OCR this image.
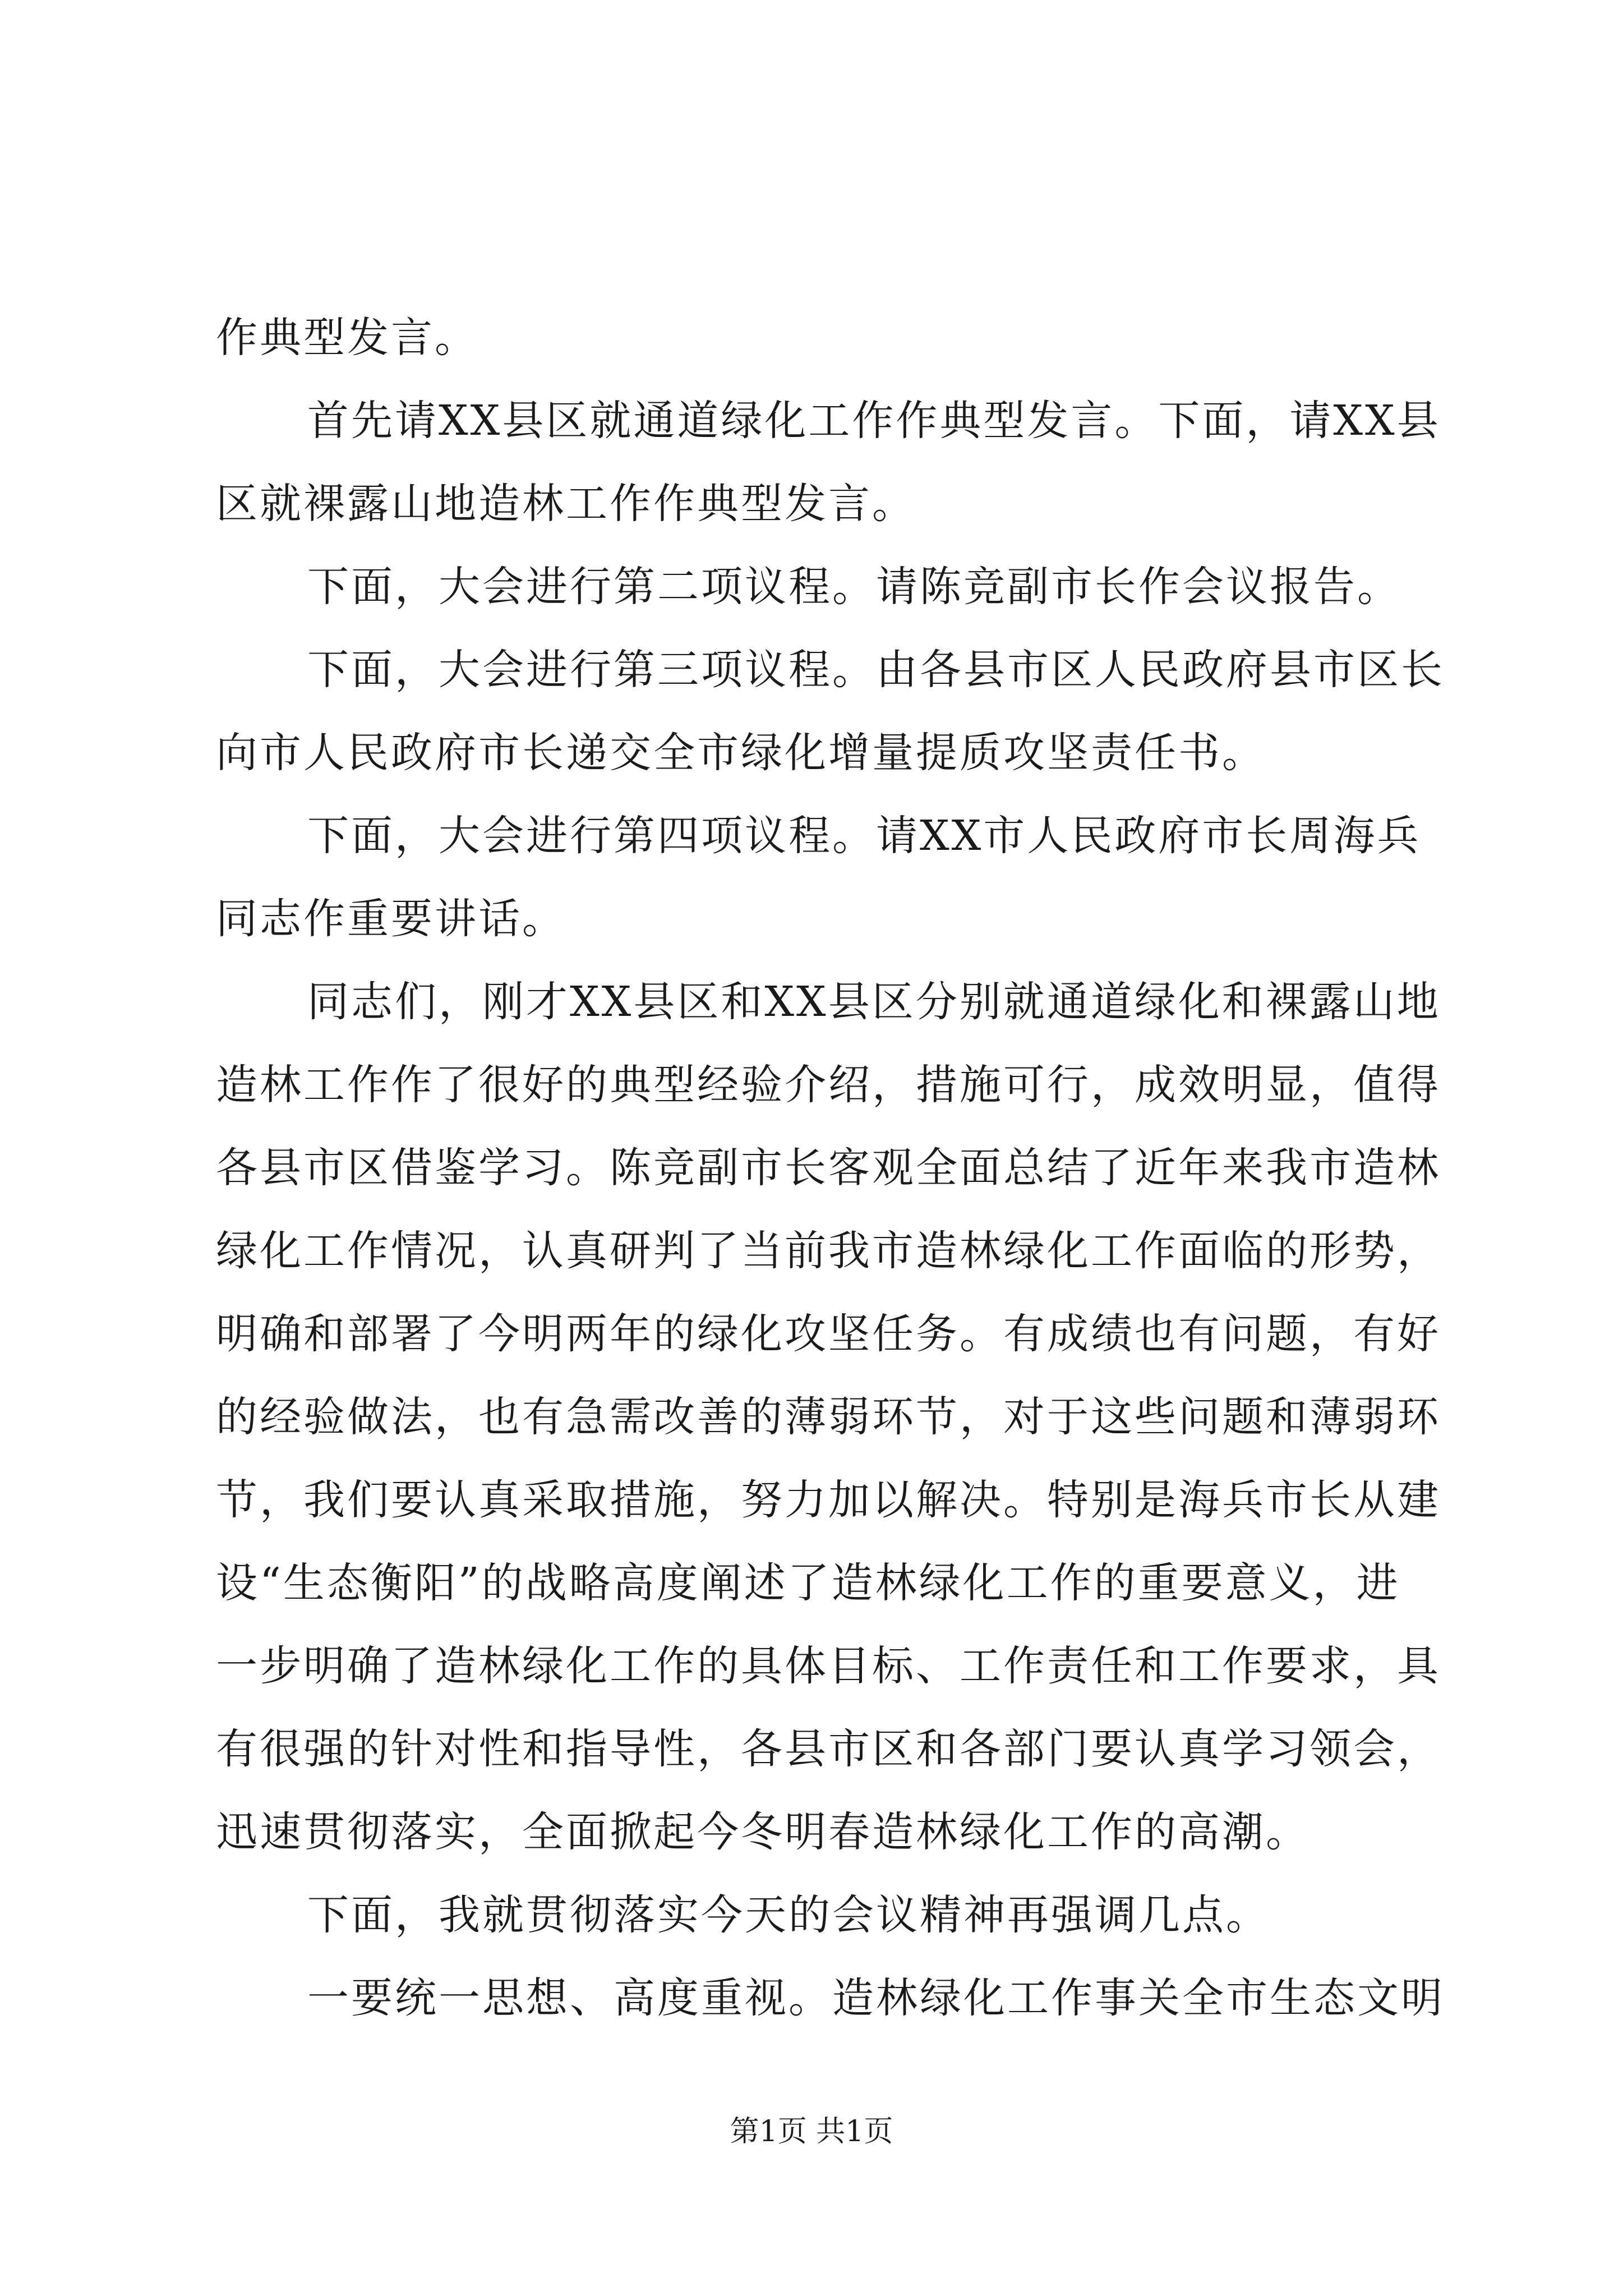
作典型发言。
首先请XX县区就通道绿化工作作典型发言。下面，请XX县
区就裸露山地造林工作作典型发言。
下面，大会进行第二项议程。请陈竞副市长作会议报告。
下面，大会进行第三项议程。由各县市区人民政府县市区长
向市人民政府市长递交全市绿化增量提质攻坚责任书。
下面，大会进行第四项议程。请XX市人民政府市长周海兵
同志作重要讲话。
同志们，刚才XX县区和XX县区分别就通道绿化和裸露山地
造林工作作了很好的典型经验介绍，措施可行，成效明显，值得
各县市区借鉴学习。陈竞副市长客观全面总结了近年来我市造林
绿化工作情况，认真研判了当前我市造林绿化工作面临的形势，
明确和部署了今明两年的绿化攻坚任务。有成绩也有问题，有好
的经验做法，也有急需改善的薄弱环节，对于这些问题和薄弱环
节，我们要认真采取措施，努力加以解决。特别是海兵市长从建
设“生态衡阳”的战略高度阐述了造林绿化工作的重要意义，进
一步明确了造林绿化工作的具体目标、工作责任和工作要求，具
有很强的针对性和指导性，各县市区和各部门要认真学习领会，
迅速贯彻落实，全面掀起今冬明春造林绿化工作的高潮。
下面，我就贯彻落实今天的会议精神再强调几点。
一要统一思想、高度重视。造林绿化工作事关全市生态文明
第1页 共1页
